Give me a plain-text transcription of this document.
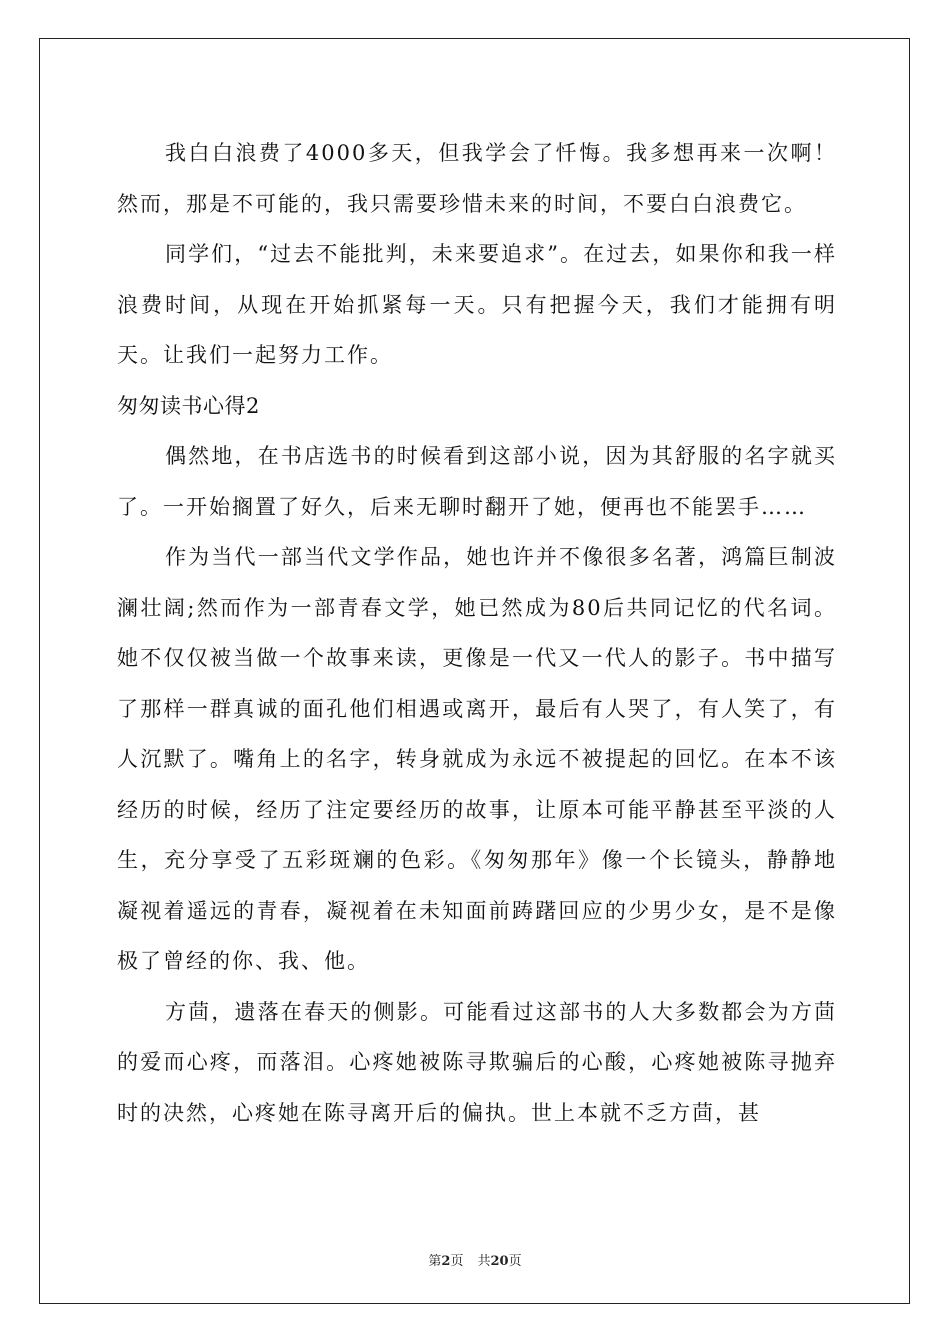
我白白浪费了4000多天，但我学会了忏悔。我多想再来一次啊！然而，那是不可能的，我只需要珍惜未来的时间，不要白白浪费它。

同学们，“过去不能批判，未来要追求”。在过去，如果你和我一样浪费时间，从现在开始抓紧每一天。只有把握今天，我们才能拥有明天。让我们一起努力工作。

匆匆读书心得2

偶然地，在书店选书的时候看到这部小说，因为其舒服的名字就买了。一开始搁置了好久，后来无聊时翻开了她，便再也不能罢手……

作为当代一部当代文学作品，她也许并不像很多名著，鸿篇巨制波澜壮阔;然而作为一部青春文学，她已然成为80后共同记忆的代名词。她不仅仅被当做一个故事来读，更像是一代又一代人的影子。书中描写了那样一群真诚的面孔他们相遇或离开，最后有人哭了，有人笑了，有人沉默了。嘴角上的名字，转身就成为永远不被提起的回忆。在本不该经历的时候，经历了注定要经历的故事，让原本可能平静甚至平淡的人生，充分享受了五彩斑斓的色彩。《匆匆那年》像一个长镜头，静静地凝视着遥远的青春，凝视着在未知面前踌躇回应的少男少女，是不是像极了曾经的你、我、他。

方茴，遗落在春天的侧影。可能看过这部书的人大多数都会为方茴的爱而心疼，而落泪。心疼她被陈寻欺骗后的心酸，心疼她被陈寻抛弃时的决然，心疼她在陈寻离开后的偏执。世上本就不乏方茴，甚

第2页 共20页
